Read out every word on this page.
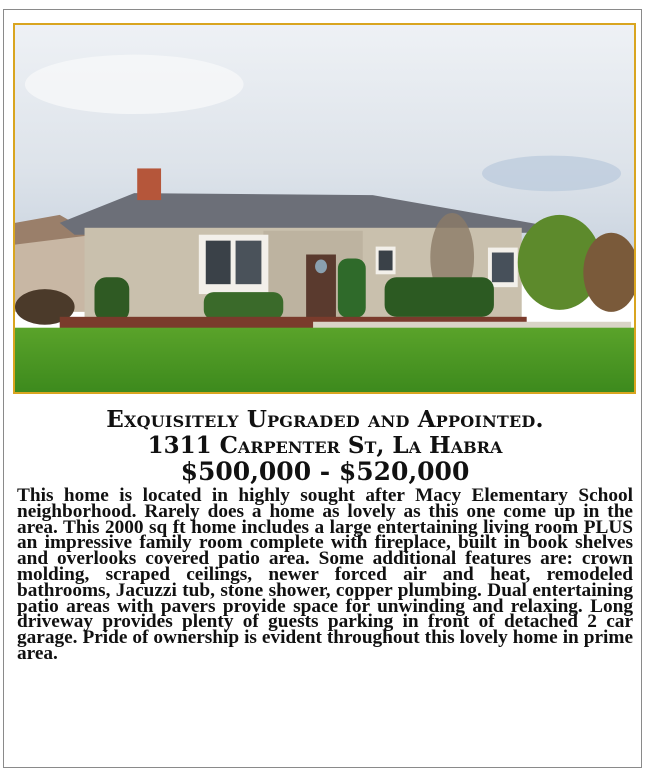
Exquisitely Upgraded and Appointed.

1311 Carpenter St, La Habra

$500,000 - $520,000

This home is located in highly sought after Macy Elementary School neighborhood. Rarely does a home as lovely as this one come up in the area. This 2000 sq ft home includes a large entertaining living room PLUS an impressive family room complete with fireplace, built in book shelves and overlooks covered patio area. Some additional features are: crown molding, scraped ceilings, newer forced air and heat, remodeled bathrooms, Jacuzzi tub, stone shower, copper plumbing. Dual entertaining patio areas with pavers provide space for unwinding and relaxing. Long driveway provides plenty of guests parking in front of detached 2 car garage. Pride of ownership is evident throughout this lovely home in prime area.
